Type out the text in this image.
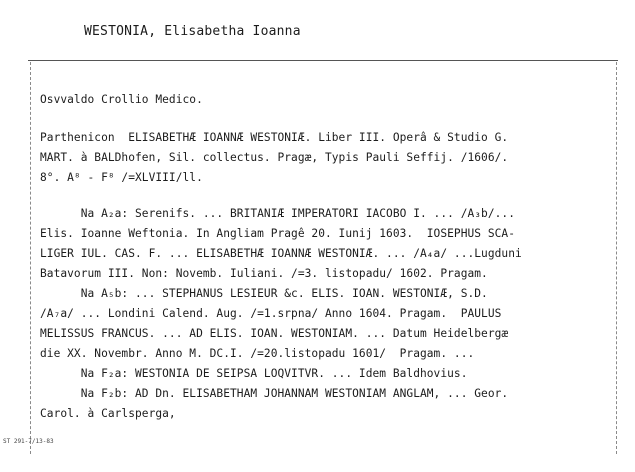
WESTONIA, Elisabetha Ioanna
Osvvaldo Crollio Medico.
Parthenicon  ELISABETHÆ IOANNÆ WESTONIÆ. Liber III. Operâ & Studio G.
MART. à BALDhofen, Sil. collectus. Pragæ, Typis Pauli Seffij. /1606/.
8°. A⁸ - F⁸ /=XLVIII/ll.
Na A₂a: Serenifs. ... BRITANIÆ IMPERATORI IACOBO I. ... /A₃b/...
Elis. Ioanne Weftonia. In Angliam Pragê 20. Iunij 1603.  IOSEPHUS SCA-
LIGER IUL. CAS. F. ... ELISABETHÆ IOANNÆ WESTONIÆ. ... /A₄a/ ...Lugduni
Batavorum III. Non: Novemb. Iuliani. /=3. listopadu/ 1602. Pragam.
Na A₅b: ... STEPHANUS LESIEUR &c. ELIS. IOAN. WESTONIÆ, S.D.
/A₇a/ ... Londini Calend. Aug. /=1.srpna/ Anno 1604. Pragam.  PAULUS
MELISSUS FRANCUS. ... AD ELIS. IOAN. WESTONIAM. ... Datum Heidelbergæ
die XX. Novembr. Anno M. DC.I. /=20.listopadu 1601/  Pragam. ...
Na F₂a: WESTONIA DE SEIPSA LOQVITVR. ... Idem Baldhovius.
Na F₂b: AD Dn. ELISABETHAM JOHANNAM WESTONIAM ANGLAM, ... Geor.
Carol. à Carlsperga,
ST 291-7/13-83
